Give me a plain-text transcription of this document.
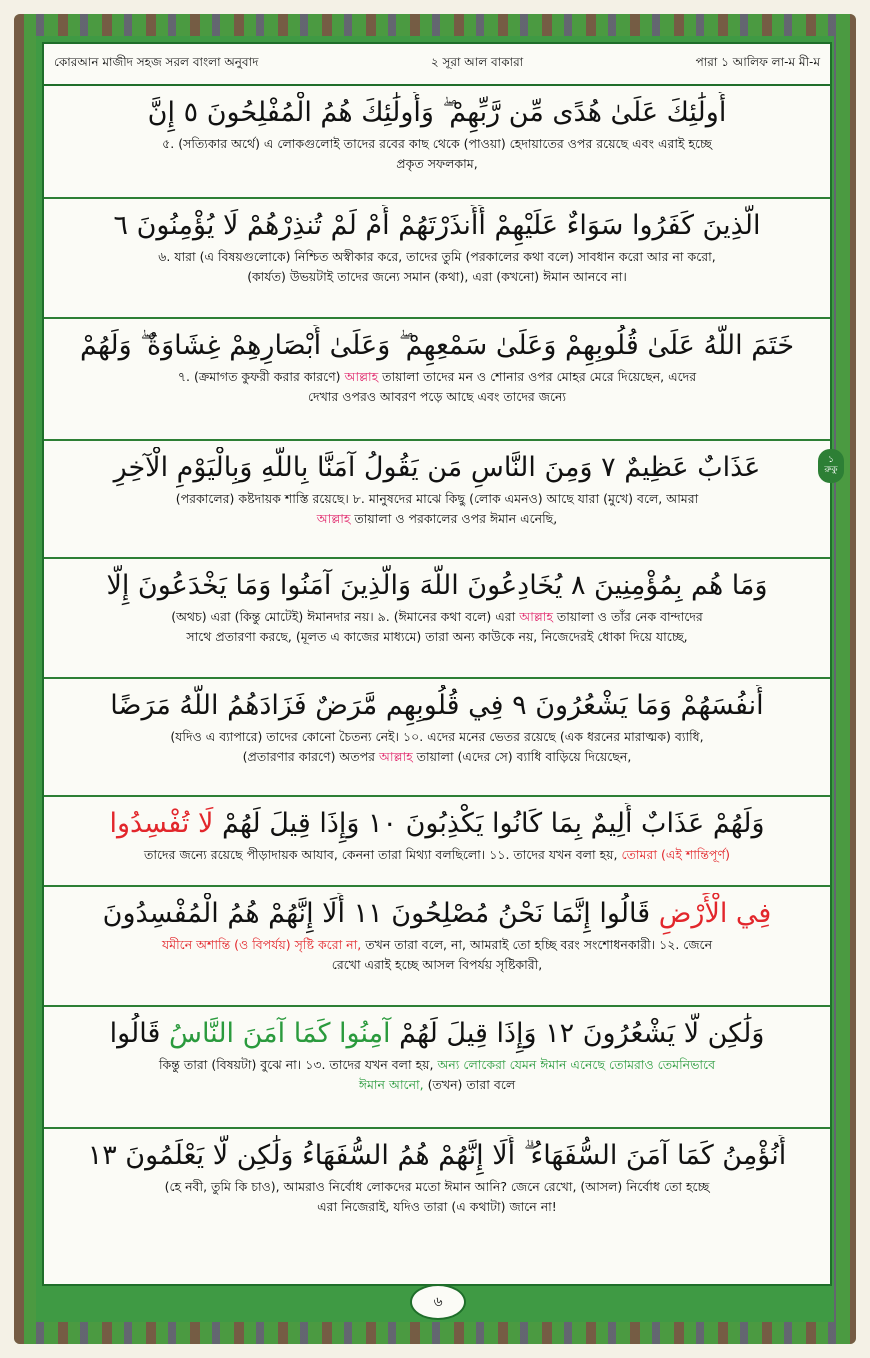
কোরআন মাজীদ সহজ সরল বাংলা অনুবাদ	২ সূরা আল বাকারা	পারা ১ আলিফ লা-ম মী-ম
أُولَٰئِكَ عَلَىٰ هُدًى مِّن رَّبِّهِمْ ۖ وَأُولَٰئِكَ هُمُ الْمُفْلِحُونَ ٥ إِنَّ
৫. (সত্যিকার অর্থে) এ লোকগুলোই তাদের রবের কাছ থেকে (পাওয়া) হেদায়াতের ওপর রয়েছে এবং এরাই হচ্ছে
প্রকৃত সফলকাম,
الَّذِينَ كَفَرُوا سَوَاءٌ عَلَيْهِمْ أَأَنذَرْتَهُمْ أَمْ لَمْ تُنذِرْهُمْ لَا يُؤْمِنُونَ ٦
৬. যারা (এ বিষয়গুলোকে) নিশ্চিত অস্বীকার করে, তাদের তুমি (পরকালের কথা বলে) সাবধান করো আর না করো,
(কার্যত) উভয়টাই তাদের জন্যে সমান (কথা), এরা (কখনো) ঈমান আনবে না।
خَتَمَ اللَّهُ عَلَىٰ قُلُوبِهِمْ وَعَلَىٰ سَمْعِهِمْ ۖ وَعَلَىٰ أَبْصَارِهِمْ غِشَاوَةٌ ۖ وَلَهُمْ
৭. (ক্রমাগত কুফরী করার কারণে) আল্লাহ তায়ালা তাদের মন ও শোনার ওপর মোহর মেরে দিয়েছেন, এদের
দেখার ওপরও আবরণ পড়ে আছে এবং তাদের জন্যে
১
রুকু
عَذَابٌ عَظِيمٌ ٧ وَمِنَ النَّاسِ مَن يَقُولُ آمَنَّا بِاللَّهِ وَبِالْيَوْمِ الْآخِرِ
(পরকালের) কষ্টদায়ক শাস্তি রয়েছে। ৮. মানুষদের মাঝে কিছু (লোক এমনও) আছে যারা (মুখে) বলে, আমরা
আল্লাহ তায়ালা ও পরকালের ওপর ঈমান এনেছি,
وَمَا هُم بِمُؤْمِنِينَ ٨ يُخَادِعُونَ اللَّهَ وَالَّذِينَ آمَنُوا وَمَا يَخْدَعُونَ إِلَّا
(অথচ) এরা (কিন্তু মোটেই) ঈমানদার নয়। ৯. (ঈমানের কথা বলে) এরা আল্লাহ তায়ালা ও তাঁর নেক বান্দাদের
সাথে প্রতারণা করছে, (মূলত এ কাজের মাধ্যমে) তারা অন্য কাউকে নয়, নিজেদেরই ধোকা দিয়ে যাচ্ছে,
أَنفُسَهُمْ وَمَا يَشْعُرُونَ ٩ فِي قُلُوبِهِم مَّرَضٌ فَزَادَهُمُ اللَّهُ مَرَضًا
(যদিও এ ব্যাপারে) তাদের কোনো চৈতন্য নেই। ১০. এদের মনের ভেতর রয়েছে (এক ধরনের মারাত্মক) ব্যাধি,
(প্রতারণার কারণে) অতপর আল্লাহ তায়ালা (এদের সে) ব্যাধি বাড়িয়ে দিয়েছেন,
وَلَهُمْ عَذَابٌ أَلِيمٌ بِمَا كَانُوا يَكْذِبُونَ ١٠ وَإِذَا قِيلَ لَهُمْ لَا تُفْسِدُوا
তাদের জন্যে রয়েছে পীড়াদায়ক আযাব, কেননা তারা মিথ্যা বলছিলো। ১১. তাদের যখন বলা হয়, তোমরা (এই শান্তিপূর্ণ)
فِي الْأَرْضِ قَالُوا إِنَّمَا نَحْنُ مُصْلِحُونَ ١١ أَلَا إِنَّهُمْ هُمُ الْمُفْسِدُونَ
যমীনে অশান্তি (ও বিপর্যয়) সৃষ্টি করো না, তখন তারা বলে, না, আমরাই তো হচ্ছি বরং সংশোধনকারী। ১২. জেনে
রেখো এরাই হচ্ছে আসল বিপর্যয় সৃষ্টিকারী,
وَلَٰكِن لَّا يَشْعُرُونَ ١٢ وَإِذَا قِيلَ لَهُمْ آمِنُوا كَمَا آمَنَ النَّاسُ قَالُوا
কিন্তু তারা (বিষয়টা) বুঝে না। ১৩. তাদের যখন বলা হয়, অন্য লোকেরা যেমন ঈমান এনেছে তোমরাও তেমনিভাবে
ঈমান আনো, (তখন) তারা বলে
أَنُؤْمِنُ كَمَا آمَنَ السُّفَهَاءُ ۗ أَلَا إِنَّهُمْ هُمُ السُّفَهَاءُ وَلَٰكِن لَّا يَعْلَمُونَ ١٣
(হে নবী, তুমি কি চাও), আমরাও নির্বোধ লোকদের মতো ঈমান আনি? জেনে রেখো, (আসল) নির্বোধ তো হচ্ছে
এরা নিজেরাই, যদিও তারা (এ কথাটা) জানে না!
৬
